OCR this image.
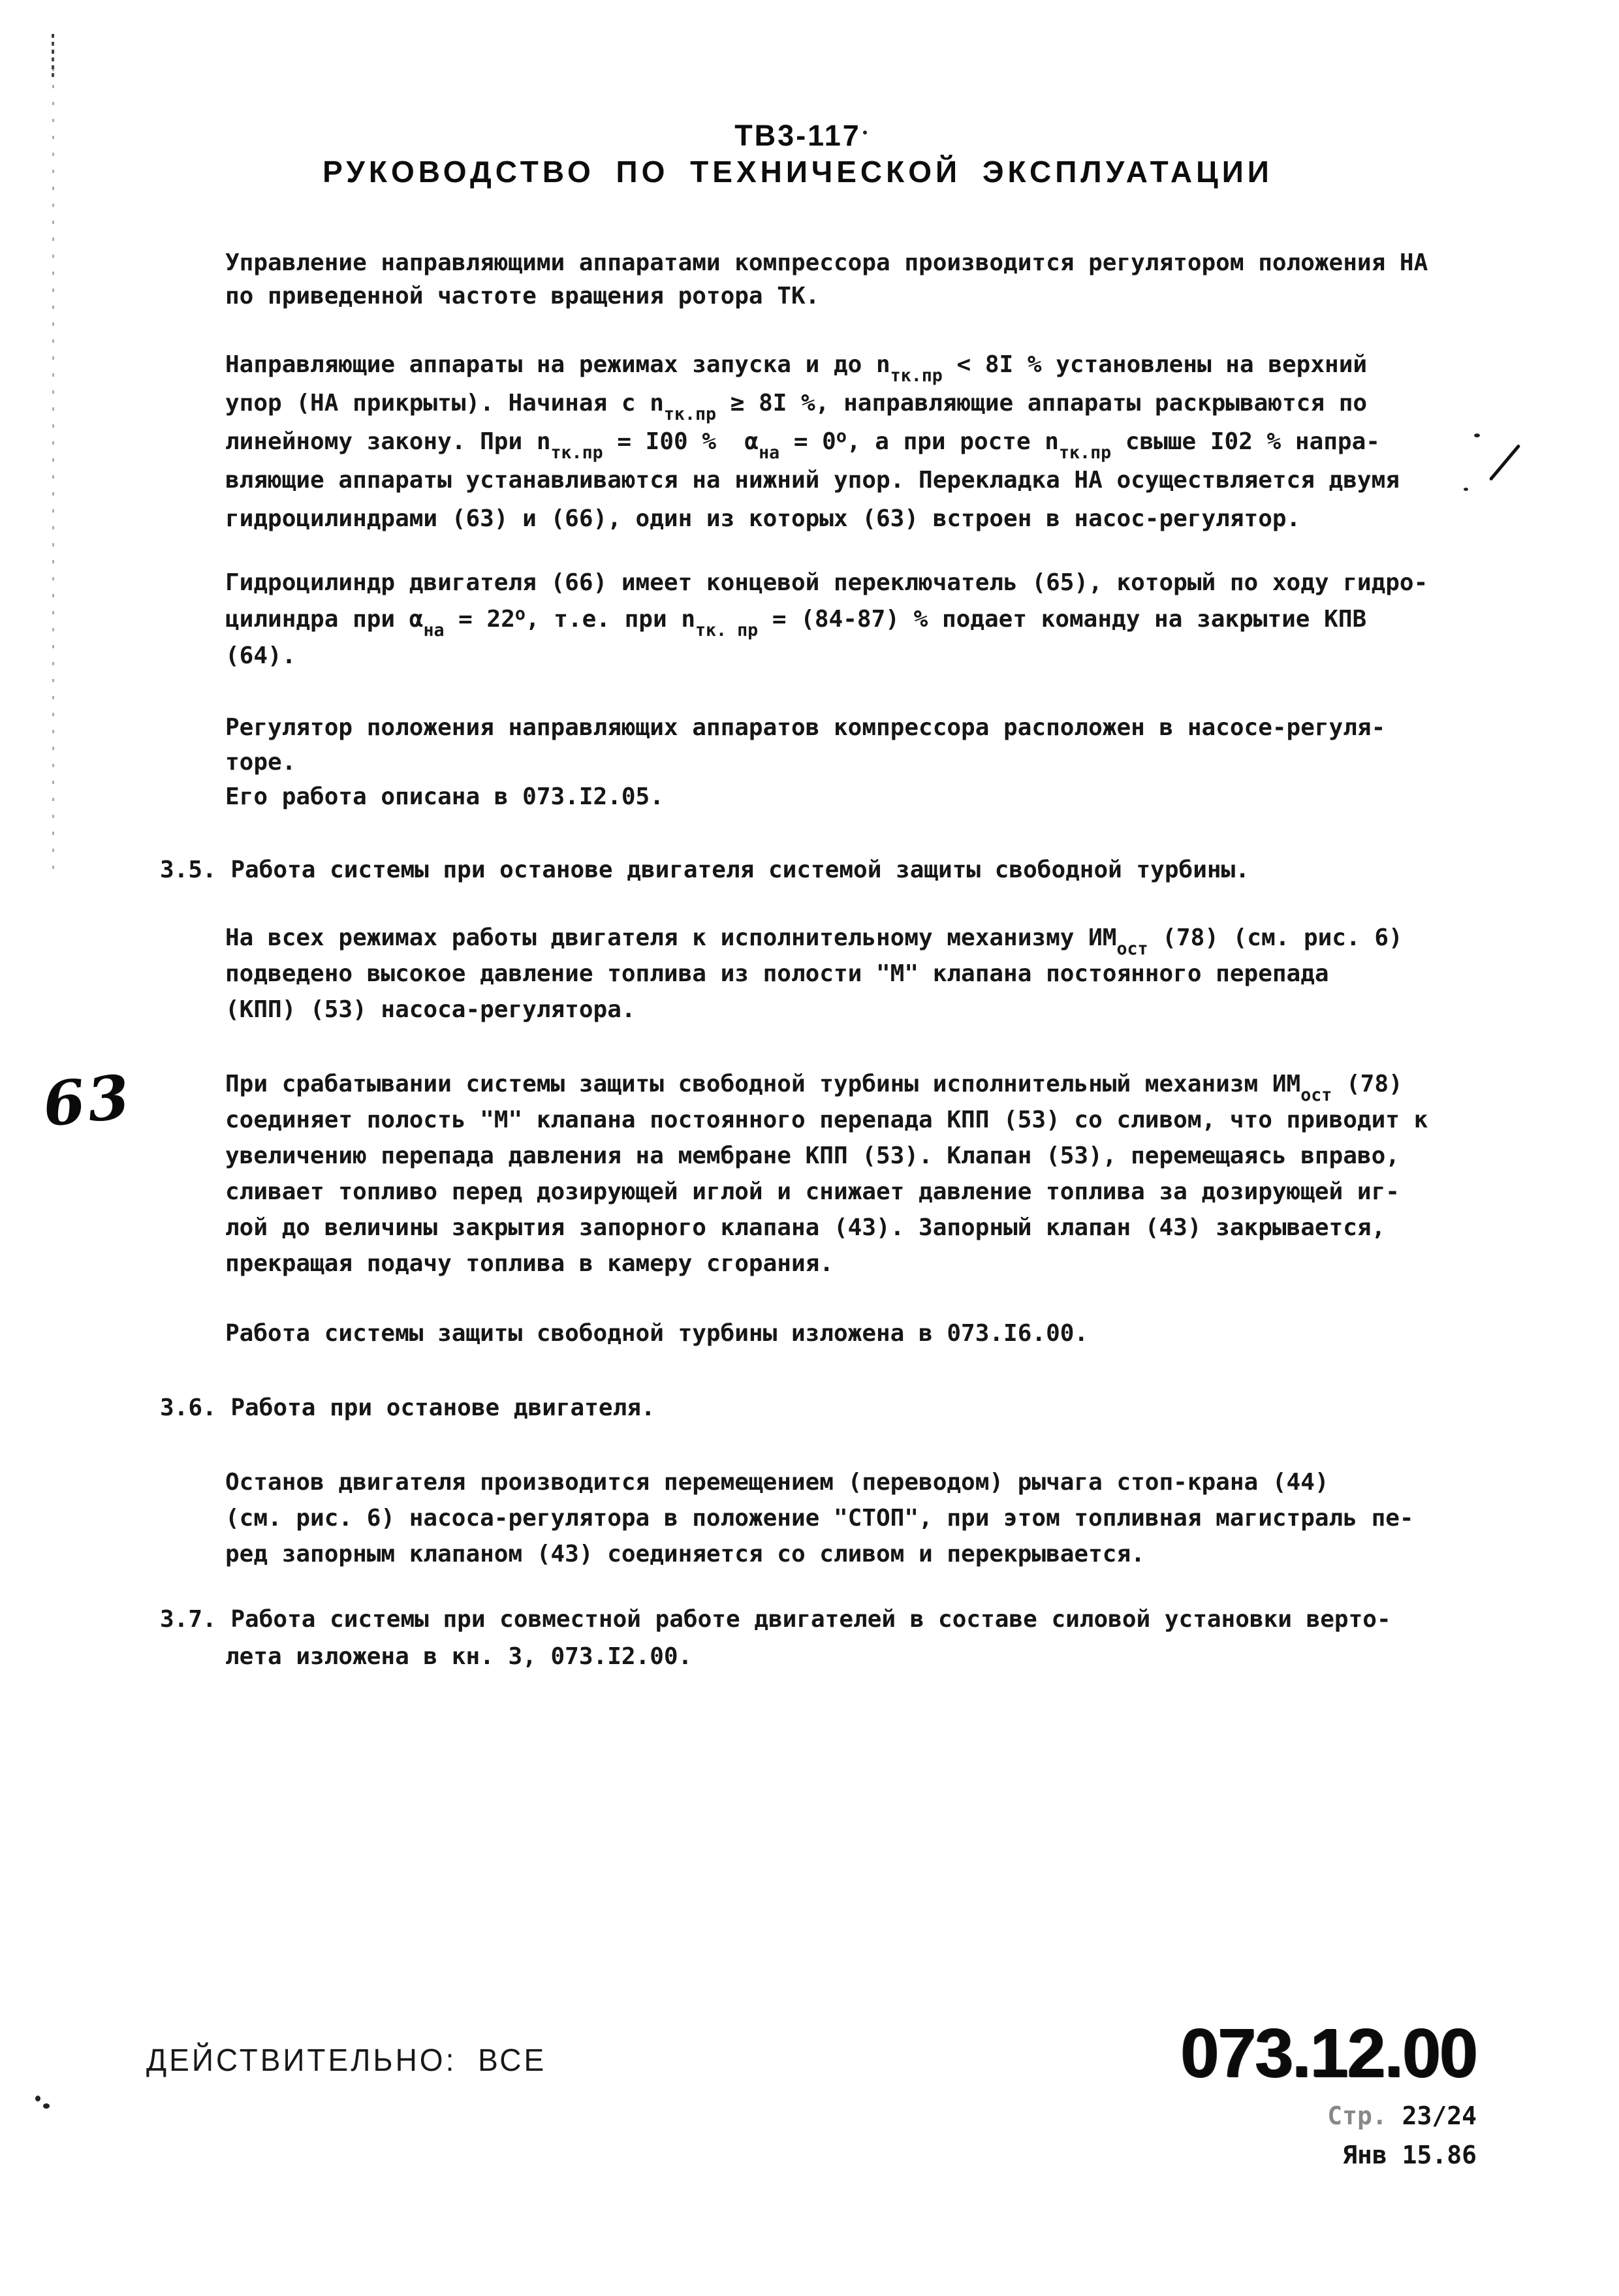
ТВ3-117
РУКОВОДСТВО ПО ТЕХНИЧЕСКОЙ ЭКСПЛУАТАЦИИ
Управление направляющими аппаратами компрессора производится регулятором положения НА
по приведенной частоте вращения ротора ТК.
Направляющие аппараты на режимах запуска и до $n_{тк.пр} < 8I$ % установлены на верхний
упор (НА прикрыты). Начиная с $n_{тк.пр} \ge 8I$ %, направляющие аппараты раскрываются по
линейному закону. При $n_{тк.пр} = I00$ %  $\alpha_{на} = 0^о$, а при росте $n_{тк.пр}$ свыше I02 % напра-
вляющие аппараты устанавливаются на нижний упор. Перекладка НА осуществляется двумя
гидроцилиндрами (63) и (66), один из которых (63) встроен в насос-регулятор.
Гидроцилиндр двигателя (66) имеет концевой переключатель (65), который по ходу гидро-
цилиндра при $\alpha_{на} = 22^о$, т.е. при $n_{тк. пр} = (84-87)$ % подает команду на закрытие КПВ
(64).
Регулятор положения направляющих аппаратов компрессора расположен в насосе-регуля-
торе.
Его работа описана в 073.I2.05.
3.5. Работа системы при останове двигателя системой защиты свободной турбины.
На всех режимах работы двигателя к исполнительному механизму $ИМ_{ост}$ (78) (см. рис. 6)
подведено высокое давление топлива из полости "М" клапана постоянного перепада
(КПП) (53) насоса-регулятора.
При срабатывании системы защиты свободной турбины исполнительный механизм $ИМ_{ост}$ (78)
соединяет полость "М" клапана постоянного перепада КПП (53) со сливом, что приводит к
увеличению перепада давления на мембране КПП (53). Клапан (53), перемещаясь вправо,
сливает топливо перед дозирующей иглой и снижает давление топлива за дозирующей иг-
лой до величины закрытия запорного клапана (43). Запорный клапан (43) закрывается,
прекращая подачу топлива в камеру сгорания.
Работа системы защиты свободной турбины изложена в 073.I6.00.
3.6. Работа при останове двигателя.
Останов двигателя производится перемещением (переводом) рычага стоп-крана (44)
(см. рис. 6) насоса-регулятора в положение "СТОП", при этом топливная магистраль пе-
ред запорным клапаном (43) соединяется со сливом и перекрывается.
3.7. Работа системы при совместной работе двигателей в составе силовой установки верто-
лета изложена в кн. 3, 073.I2.00.
63
ДЕЙСТВИТЕЛЬНО: ВСЕ	073.12.00
Стр. 23/24
Янв 15.86
